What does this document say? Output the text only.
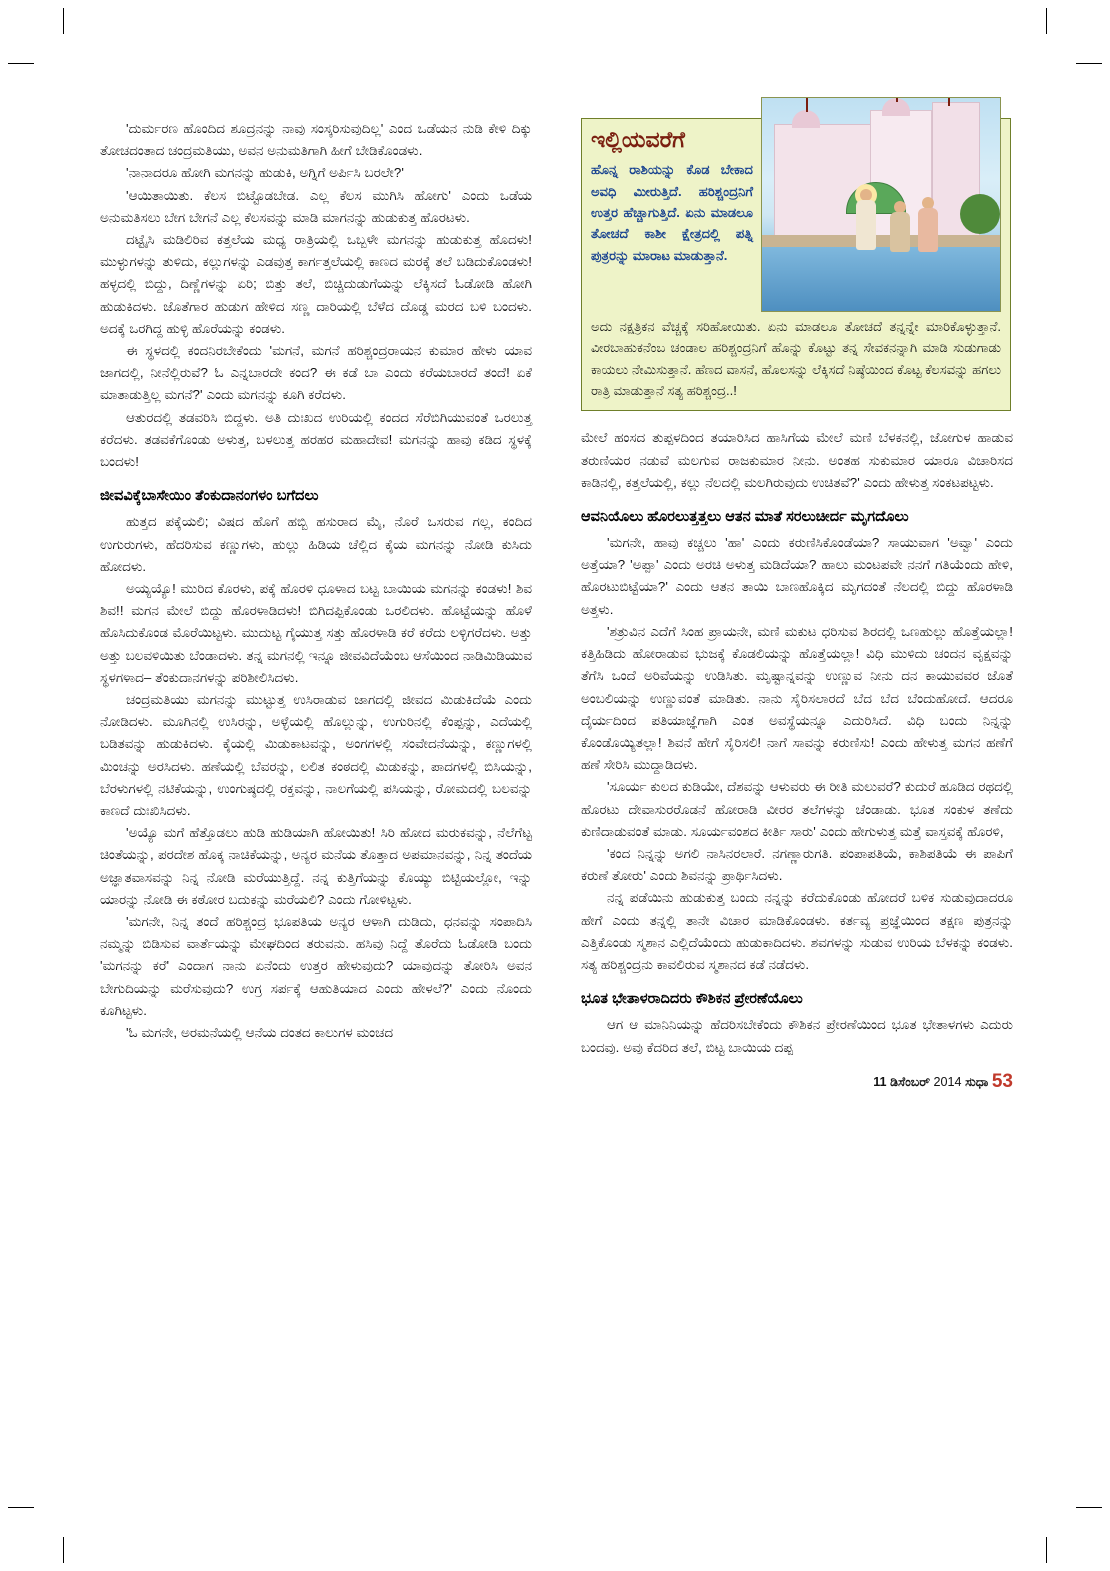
'ದುರ್ಮರಣ ಹೊಂದಿದ ಶೂದ್ರನನ್ನು ನಾವು ಸಂಸ್ಕರಿಸುವುದಿಲ್ಲ' ಎಂದ ಒಡೆಯನ ನುಡಿ ಕೇಳಿ ದಿಕ್ಕು ತೋಚದಂತಾದ ಚಂದ್ರಮತಿಯು, ಅವನ ಅನುಮತಿಗಾಗಿ ಹೀಗೆ ಬೇಡಿಕೊಂಡಳು.

'ನಾನಾದರೂ ಹೋಗಿ ಮಗನನ್ನು ಹುಡುಕಿ, ಅಗ್ನಿಗೆ ಅರ್ಪಿಸಿ ಬರಲೇ?'

'ಆಯಿತಾಯಿತು. ಕೆಲಸ ಬಿಟ್ಟೊಡಬೇಡ. ಎಲ್ಲ ಕೆಲಸ ಮುಗಿಸಿ ಹೋಗು' ಎಂದು ಒಡೆಯ ಅನುಮತಿಸಲು ಬೇಗ ಬೇಗನೆ ಎಲ್ಲ ಕೆಲಸವನ್ನು ಮಾಡಿ ಮಾಗನನ್ನು ಹುಡುಕುತ್ತ ಹೊರಟಳು.

ದಟ್ಟೈಸಿ ಮಡಿಲಿರಿವ ಕತ್ತಲೆಯ ಮಧ್ಯ ರಾತ್ರಿಯಲ್ಲಿ ಒಬ್ಬಳೇ ಮಗನನ್ನು ಹುಡುಕುತ್ತ ಹೊದಳು! ಮುಳ್ಳುಗಳನ್ನು ತುಳಿದು, ಕಲ್ಲುಗಳನ್ನು ಎಡವುತ್ತ ಕಾರ್ಗತ್ತಲೆಯಲ್ಲಿ ಕಾಣದ ಮರಕ್ಕೆ ತಲೆ ಬಡಿದುಕೊಂಡಳು! ಹಳ್ಳದಲ್ಲಿ ಬಿದ್ದು, ದಿಣ್ಣೆಗಳನ್ನು ಏರಿ; ಬಿತ್ತು ತಲೆ, ಬಿಚ್ಚಿದುಡುಗೆಯನ್ನು ಲೆಕ್ಕಿಸದೆ ಓಡೋಡಿ ಹೋಗಿ ಹುಡುಕಿದಳು. ಜೊತೆಗಾರ ಹುಡುಗ ಹೇಳಿದ ಸಣ್ಣ ದಾರಿಯಲ್ಲಿ ಬೆಳೆದ ದೊಡ್ಡ ಮರದ ಬಳಿ ಬಂದಳು. ಅದಕ್ಕೆ ಒರಗಿದ್ದ ಹುಳ್ಳಿ ಹೊರೆಯನ್ನು ಕಂಡಳು.

ಈ ಸ್ಥಳದಲ್ಲಿ ಕಂದನಿರಬೇಕೆಂದು 'ಮಗನೆ, ಮಗನೆ ಹರಿಶ್ಚಂದ್ರರಾಯನ ಕುಮಾರ ಹೇಳು ಯಾವ ಜಾಗದಲ್ಲಿ, ನೀನೆಲ್ಲಿರುವೆ? ಓ ಎನ್ನಬಾರದೇ ಕಂದ? ಈ ಕಡೆ ಬಾ ಎಂದು ಕರೆಯಬಾರದೆ ತಂದೆ! ಏಕೆ ಮಾತಾಡುತ್ತಿಲ್ಲ ಮಗನೆ?' ಎಂದು ಮಗನನ್ನು ಕೂಗಿ ಕರೆದಳು.

ಆತುರದಲ್ಲಿ ತಡವರಿಸಿ ಬಿದ್ದಳು. ಅತಿ ದುಃಖದ ಉರಿಯಲ್ಲಿ ಕಂದದ ಸೆರೆಬಿಗಿಯುವಂತೆ ಒರಲುತ್ತ ಕರೆದಳು. ತಡವಕೆಗೊಂಡು ಅಳುತ್ತ, ಬಳಲುತ್ತ ಹರಹರ ಮಹಾದೇವ! ಮಗನನ್ನು ಹಾವು ಕಡಿದ ಸ್ಥಳಕ್ಕೆ ಬಂದಳು!

ಜೀವವಿಕ್ಕೆಬಾಸೇಯಿಂ ತೆಂಕುದಾನಂಗಳಂ ಬಗೆದಲು

ಹುತ್ತದ ಪಕ್ಕೆಯಲಿ; ವಿಷದ ಹೊಗೆ ಹಬ್ಬಿ ಹಸುರಾದ ಮೈ, ನೊರೆ ಒಸರುವ ಗಲ್ಲ, ಕಂದಿದ ಉಗುರುಗಳು, ಹೆದರಿಸುವ ಕಣ್ಣುಗಳು, ಹುಲ್ಲು ಹಿಡಿಯ ಚೆಲ್ಲಿದ ಕೈಯ ಮಗನನ್ನು ನೋಡಿ ಕುಸಿದು ಹೋದಳು.

ಅಯ್ಯಯ್ಯೊ! ಮುರಿದ ಕೊರಳು, ಪಕ್ಕೆ ಹೊರಳಿ ಧೂಳಾದ ಬಟ್ಟ ಬಾಯಿಯ ಮಗನನ್ನು ಕಂಡಳು! ಶಿವ ಶಿವ!! ಮಗನ ಮೇಲೆ ಬಿದ್ದು ಹೊರಳಾಡಿದಳು! ಬಿಗಿದಪ್ಪಿಕೊಂಡು ಒರಲಿದಳು. ಹೊಟ್ಟೆಯನ್ನು ಹೊಳೆ ಹೊಸಿದುಕೊಂಡ ಮೊರೆಯಿಟ್ಟಳು. ಮುದುಟ್ಟ ಗೈಯುತ್ತ ಸತ್ತು ಹೊರಳಾಡಿ ಕರೆ ಕರೆದು ಲಳ್ಳಿಗರೆದಳು. ಅತ್ತು ಅತ್ತು ಬಲವಳಿಯಿತು ಬೆಂಡಾದಳು. ತನ್ನ ಮಗನಲ್ಲಿ ಇನ್ನೂ ಜೀವವಿದೆಯೆಂಬ ಆಸೆಯಿಂದ ನಾಡಿಮಿಡಿಯುವ ಸ್ಥಳಗಳಾದ– ತೆಂಕುದಾನಗಳನ್ನು ಪರಿಶೀಲಿಸಿದಳು.

ಚಂದ್ರಮತಿಯು ಮಗನನ್ನು ಮುಟ್ಟುತ್ತ ಉಸಿರಾಡುವ ಜಾಗದಲ್ಲಿ ಜೀವದ ಮಿಡುಕಿದೆಯೆ ಎಂದು ನೋಡಿದಳು. ಮೂಗಿನಲ್ಲಿ ಉಸಿರನ್ನು, ಅಳ್ಳೆಯಲ್ಲಿ ಹೊಲ್ಲುನ್ನು, ಉಗುರಿನಲ್ಲಿ ಕೆಂಪ್ಪನ್ನು, ಎದೆಯಲ್ಲಿ ಬಡಿತವನ್ನು ಹುಡುಕಿದಳು. ಕೈಯಲ್ಲಿ ಮಿಡುಕಾಟವನ್ನು, ಅಂಗಗಳಲ್ಲಿ ಸಂವೇದನೆಯನ್ನು, ಕಣ್ಣುಗಳಲ್ಲಿ ಮಿಂಚನ್ನು ಅರಸಿದಳು. ಹಣೆಯಲ್ಲಿ ಬೆವರನ್ನು, ಲಲಿತ ಕಂಠದಲ್ಲಿ ಮಿಡುಕನ್ನು, ಪಾದಗಳಲ್ಲಿ ಬಿಸಿಯನ್ನು, ಬೆರಳುಗಳಲ್ಲಿ ನಟಿಕೆಯನ್ನು, ಉಂಗುಷ್ಠದಲ್ಲಿ ರಕ್ತವನ್ನು, ನಾಲಗೆಯಲ್ಲಿ ಪಸಿಯನ್ನು, ರೋಮದಲ್ಲಿ ಬಲವನ್ನು ಕಾಣದೆ ದುಃಖಿಸಿದಳು.

'ಅಯ್ಯೊ ಮಗೆ ಹೆತ್ತೊಡಲು ಹುಡಿ ಹುಡಿಯಾಗಿ ಹೋಯಿತು! ಸಿರಿ ಹೋದ ಮರುಕವನ್ನು, ನೆಲೆಗೆಟ್ಟ ಚಿಂತೆಯನ್ನು, ಪರದೇಶ ಹೊಕ್ಕ ನಾಚಿಕೆಯನ್ನು, ಅನ್ಯರ ಮನೆಯ ತೊತ್ತಾದ ಅಪಮಾನವನ್ನು, ನಿನ್ನ ತಂದೆಯ ಅಜ್ಞಾತವಾಸವನ್ನು ನಿನ್ನ ನೋಡಿ ಮರೆಯುತ್ತಿದ್ದೆ. ನನ್ನ ಕುತ್ತಿಗೆಯನ್ನು ಕೊಯ್ಯು ಬಿಟ್ಟಿಯಲ್ಲೋ, ಇನ್ನು ಯಾರನ್ನು ನೋಡಿ ಈ ಕಠೋರ ಬದುಕನ್ನು ಮರೆಯಲಿ? ಎಂದು ಗೋಳಿಟ್ಟಳು.

'ಮಗನೇ, ನಿನ್ನ ತಂದೆ ಹರಿಶ್ಚಂದ್ರ ಭೂಪತಿಯ ಅನ್ಯರ ಆಳಾಗಿ ದುಡಿದು, ಧನವನ್ನು ಸಂಪಾದಿಸಿ ನಮ್ಮನ್ನು ಬಿಡಿಸುವ ವಾರ್ತೆಯನ್ನು ಮೇಘದಿಂದ ತರುವನು. ಹಸಿವು ನಿದ್ದೆ ತೊರೆದು ಓಡೋಡಿ ಬಂದು 'ಮಗನನ್ನು ಕರೆ' ಎಂದಾಗ ನಾನು ಏನೆಂದು ಉತ್ತರ ಹೇಳುವುದು? ಯಾವುದನ್ನು ತೋರಿಸಿ ಅವನ ಬೇಗುದಿಯನ್ನು ಮರೆಸುವುದು? ಉಗ್ರ ಸರ್ಪಕ್ಕೆ ಆಹುತಿಯಾದ ಎಂದು ಹೇಳಲೆ?' ಎಂದು ನೊಂದು ಕೂಗಿಟ್ಟಳು.

'ಓ ಮಗನೇ, ಅರಮನೆಯಲ್ಲಿ ಆನೆಯ ದಂತದ ಕಾಲುಗಳ ಮಂಚದ

ಇಲ್ಲಿಯವರೆಗೆ
ಹೊನ್ನ ರಾಶಿಯನ್ನು ಕೊಡ ಬೇಕಾದ ಅವಧಿ ಮೀರುತ್ತಿದೆ. ಹರಿಶ್ಚಂದ್ರನಿಗೆ ಉತ್ತರ ಹೆಚ್ಚಾಗುತ್ತಿದೆ. ಏನು ಮಾಡಲೂ ತೋಚದೆ ಕಾಶೀ ಕ್ಷೇತ್ರದಲ್ಲಿ ಪತ್ನಿ ಪುತ್ರರನ್ನು ಮಾರಾಟ ಮಾಡುತ್ತಾನೆ.
ಅದು ನಕ್ಷತ್ರಿಕನ ವೆಚ್ಚಕ್ಕೆ ಸರಿಹೋಯಿತು. ಏನು ಮಾಡಲೂ ತೋಚದೆ ತನ್ನನ್ನೇ ಮಾರಿಕೊಳ್ಳುತ್ತಾನೆ. ವೀರಬಾಹುಕನೆಂಬ ಚಂಡಾಲ ಹರಿಶ್ಚಂದ್ರನಿಗೆ ಹೊನ್ನು ಕೊಟ್ಟು ತನ್ನ ಸೇವಕನನ್ನಾಗಿ ಮಾಡಿ ಸುಡುಗಾಡು ಕಾಯಲು ನೇಮಿಸುತ್ತಾನೆ. ಹೆಣದ ವಾಸನೆ, ಹೊಲಸನ್ನು ಲೆಕ್ಕಿಸದೆ ನಿಷ್ಠೆಯಿಂದ ಕೊಟ್ಟ ಕೆಲಸವನ್ನು ಹಗಲು ರಾತ್ರಿ ಮಾಡುತ್ತಾನೆ ಸತ್ಯ ಹರಿಶ್ಚಂದ್ರ..!

ಮೇಲೆ ಹಂಸದ ತುಪ್ಪಳದಿಂದ ತಯಾರಿಸಿದ ಹಾಸಿಗೆಯ ಮೇಲೆ ಮಣಿ ಬೆಳಕನಲ್ಲಿ, ಜೋಗುಳ ಹಾಡುವ ತರುಣಿಯರ ನಡುವೆ ಮಲಗುವ ರಾಜಕುಮಾರ ನೀನು. ಅಂತಹ ಸುಕುಮಾರ ಯಾರೂ ವಿಚಾರಿಸದ ಕಾಡಿನಲ್ಲಿ, ಕತ್ತಲೆಯಲ್ಲಿ, ಕಲ್ಲು ನೆಲದಲ್ಲಿ ಮಲಗಿರುವುದು ಉಚಿತವೆ?' ಎಂದು ಹೇಳುತ್ತ ಸಂಕಟಪಟ್ಟಳು.

ಆವನಿಯೊಲು ಹೊರಲುತ್ತತ್ತಲು ಆತನ ಮಾತೆ ಸರಲುಚೀರ್ದ ಮೃಗದೊಲು

'ಮಗನೇ, ಹಾವು ಕಚ್ಚಲು 'ಹಾ' ಎಂದು ಕರುಣಿಸಿಕೊಂಡೆಯಾ? ಸಾಯುವಾಗ 'ಅವ್ವಾ' ಎಂದು ಅತ್ತೆಯಾ? 'ಅಪ್ಪಾ' ಎಂದು ಅರಚಿ ಅಳುತ್ತ ಮಡಿದೆಯಾ? ಹಾಲು ಮಂಟಪವೇ ನನಗೆ ಗತಿಯೆಂದು ಹೇಳಿ, ಹೊರಟುಬಿಟ್ಟೆಯಾ?' ಎಂದು ಆತನ ತಾಯಿ ಬಾಣಹೊಕ್ಕಿದ ಮೃಗದಂತೆ ನೆಲದಲ್ಲಿ ಬಿದ್ದು ಹೊರಳಾಡಿ ಅತ್ತಳು.

'ಶತ್ರುವಿನ ಎದೆಗೆ ಸಿಂಹ ಪ್ರಾಯನೇ, ಮಣಿ ಮಕುಟ ಧರಿಸುವ ಶಿರದಲ್ಲಿ ಒಣಹುಲ್ಲು ಹೊತ್ತೆಯಲ್ಲಾ! ಕತ್ತಿಹಿಡಿದು ಹೋರಾಡುವ ಭುಜಕ್ಕೆ ಕೊಡಲಿಯನ್ನು ಹೊತ್ತೆಯಲ್ಲಾ! ವಿಧಿ ಮುಳಿದು ಚಂದನ ವೃಕ್ಷವನ್ನು ತೆಗೆಸಿ ಒಂದೆ ಅರಿವೆಯನ್ನು ಉಡಿಸಿತು. ಮೃಷ್ಟಾನ್ನವನ್ನು ಉಣ್ಣುವ ನೀನು ದನ ಕಾಯುವವರ ಜೊತೆ ಅಂಬಲಿಯನ್ನು ಉಣ್ಣುವಂತೆ ಮಾಡಿತು. ನಾನು ಸೈರಿಸಲಾರದೆ ಬೆದ ಬೆದ ಬೆಂದುಹೋದೆ. ಆದರೂ ದೈರ್ಯದಿಂದ ಪತಿಯಾಜ್ಞೆಗಾಗಿ ಎಂತ ಅವಸ್ಥೆಯನ್ನೂ ಎದುರಿಸಿದೆ. ವಿಧಿ ಬಂದು ನಿನ್ನನ್ನು ಕೊಂಡೊಯ್ಯಿತಲ್ಲಾ! ಶಿವನೆ ಹೇಗೆ ಸೈರಿಸಲಿ! ನಾಗೆ ಸಾವನ್ನು ಕರುಣಿಸು! ಎಂದು ಹೇಳುತ್ತ ಮಗನ ಹಣೆಗೆ ಹಣೆ ಸೇರಿಸಿ ಮುದ್ದಾಡಿದಳು.

'ಸೂರ್ಯ ಕುಲದ ಕುಡಿಯೇ, ದೆಶವನ್ನು ಆಳುವರು ಈ ರೀತಿ ಮಲುವರೆ? ಕುದುರೆ ಹೂಡಿದ ರಥದಲ್ಲಿ ಹೊರಟು ದೇವಾಸುರರೊಡನೆ ಹೋರಾಡಿ ವೀರರ ತಲೆಗಳನ್ನು ಚೆಂಡಾಡು. ಭೂತ ಸಂಕುಳ ತಣೆದು ಕುಣಿದಾಡುವಂತೆ ಮಾಡು. ಸೂರ್ಯವಂಶದ ಕೀರ್ತಿ ಸಾರು' ಎಂದು ಹೇಗುಳುತ್ತ ಮತ್ತೆ ವಾಸ್ತವಕ್ಕೆ ಹೊರಳಿ,

'ಕಂದ ನಿನ್ನನ್ನು ಅಗಲಿ ನಾಸಿನರಲಾರೆ. ನಗಣ್ಣಾರುಗತಿ. ಪಂಪಾಪತಿಯೆ, ಕಾಶಿಪತಿಯೆ ಈ ಪಾಪಿಗೆ ಕರುಣೆ ತೋರು' ಎಂದು ಶಿವನನ್ನು ಪ್ರಾರ್ಥಿಸಿದಳು.

ನನ್ನ ಪಡೆಯಿನು ಹುಡುಕುತ್ತ ಬಂದು ನನ್ನನ್ನು ಕರೆದುಕೊಂಡು ಹೋದರೆ ಬಳಿಕ ಸುಡುವುದಾದರೂ ಹೇಗೆ ಎಂದು ತನ್ನಲ್ಲಿ ತಾನೇ ವಿಚಾರ ಮಾಡಿಕೊಂಡಳು. ಕರ್ತವ್ಯ ಪ್ರಜ್ಞೆಯಿಂದ ತಕ್ಷಣ ಪುತ್ರನನ್ನು ಎತ್ತಿಕೊಂಡು ಸ್ಮಶಾನ ಎಲ್ಲಿದೆಯೆಂದು ಹುಡುಕಾದಿದಳು. ಶವಗಳನ್ನು ಸುಡುವ ಉರಿಯ ಬೆಳಕನ್ನು ಕಂಡಳು. ಸತ್ಯ ಹರಿಶ್ಚಂದ್ರನು ಕಾವಲಿರುವ ಸ್ಮಶಾನದ ಕಡೆ ನಡೆದಳು.

ಭೂತ ಭೇತಾಳರಾದಿದರು ಕೌಶಿಕನ ಪ್ರೇರಣೆಯೊಲು

ಆಗ ಆ ಮಾನಿನಿಯನ್ನು ಹೆದರಿಸಬೇಕೆಂದು ಕೌಶಿಕನ ಪ್ರೇರಣೆಯಿಂದ ಭೂತ ಭೇತಾಳಗಳು ಎದುರು ಬಂದವು. ಅವು ಕೆದರಿದ ತಲೆ, ಬಿಟ್ಟ ಬಾಯಿಯ ದಪ್ಪ

11 ಡಿಸೆಂಬರ್ 2014 ಸುಧಾ 53
